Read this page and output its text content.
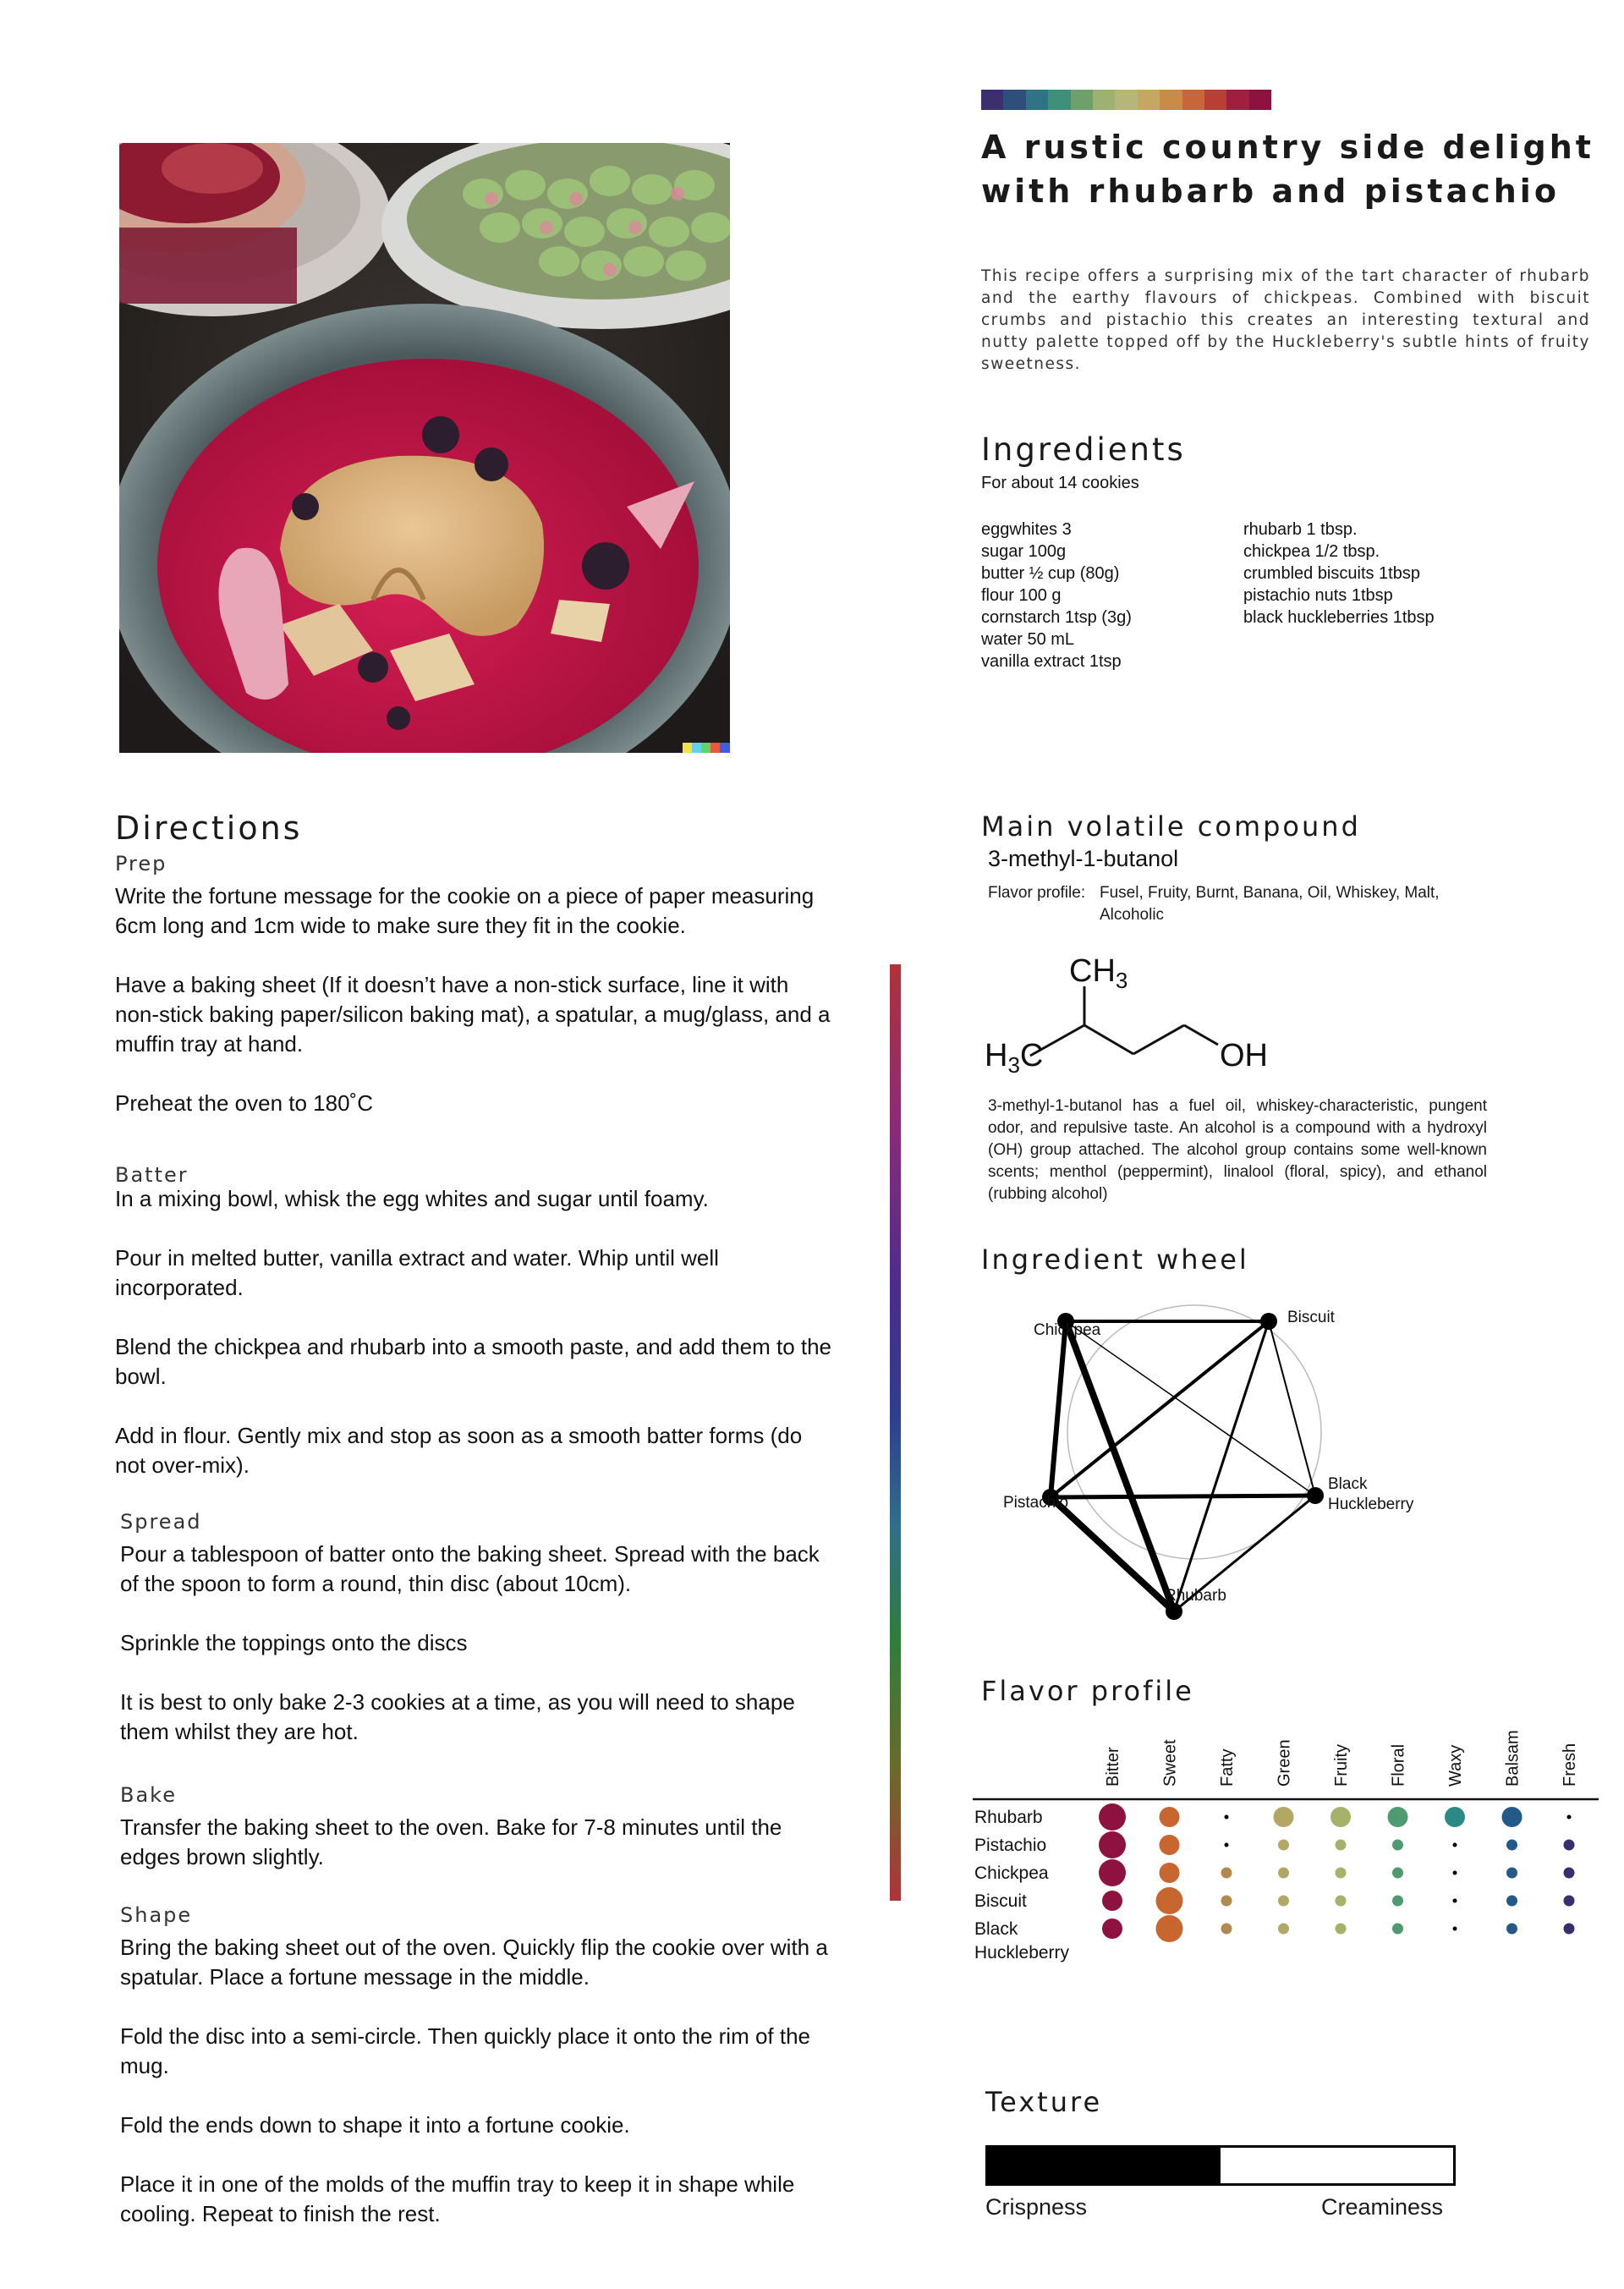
A rustic country side delight with rhubarb and pistachio
This recipe offers a surprising mix of the tart character of rhubarb and the earthy flavours of chickpeas. Combined with biscuit crumbs and pistachio this creates an interesting textural and nutty palette topped off by the Huckleberry's subtle hints of fruity sweetness.
Ingredients
For about 14 cookies
eggwhites 3
sugar 100g
butter ½ cup (80g)
flour 100 g
cornstarch 1tsp (3g)
water 50 mL
vanilla extract 1tsp
rhubarb 1 tbsp.
chickpea 1/2 tbsp.
crumbled biscuits 1tbsp
pistachio nuts 1tbsp
black huckleberries 1tbsp
Directions
Prep

Write the fortune message for the cookie on a piece of paper measuring 6cm long and 1cm wide to make sure they fit in the cookie.

Have a baking sheet (If it doesn’t have a non-stick surface, line it with non-stick baking paper/silicon baking mat), a spatular, a mug/glass, and a muffin tray at hand.

Preheat the oven to 180˚C

Batter

In a mixing bowl, whisk the egg whites and sugar until foamy.

Pour in melted butter, vanilla extract and water. Whip until well incorporated.

Blend the chickpea and rhubarb into a smooth paste, and add them to the bowl.

Add in flour. Gently mix and stop as soon as a smooth batter forms (do not over-mix).

Spread

Pour a tablespoon of batter onto the baking sheet. Spread with the back of the spoon to form a round, thin disc (about 10cm).

Sprinkle the toppings onto the discs

It is best to only bake 2-3 cookies at a time, as you will need to shape them whilst they are hot.

Bake

Transfer the baking sheet to the oven. Bake for 7-8 minutes until the edges brown slightly.

Shape

Bring the baking sheet out of the oven. Quickly flip the cookie over with a spatular. Place a fortune message in the middle.

Fold the disc into a semi-circle. Then quickly place it onto the rim of the mug.

Fold the ends down to shape it into a fortune cookie.

Place it in one of the molds of the muffin tray to keep it in shape while cooling. Repeat to finish the rest.

Main volatile compound
3-methyl-1-butanol
Flavor profile: Fusel, Fruity, Burnt, Banana, Oil, Whiskey, Malt, Alcoholic
$CH_3$
$H_3C$	OH
3-methyl-1-butanol has a fuel oil, whiskey-characteristic, pungent odor, and repulsive taste. An alcohol is a compound with a hydroxyl (OH) group attached. The alcohol group contains some well-known scents; menthol (peppermint), linalool (floral, spicy), and ethanol (rubbing alcohol)
Ingredient wheel
Chickpea
Biscuit
Black
Huckleberry
Pistachio
Rhubarb
Flavor profile
Bitter Sweet Fatty Green Fruity Floral Waxy Balsam Fresh
Rhubarb
Pistachio
Chickpea
Biscuit
Black
Huckleberry
Texture
Crispness	Creaminess
